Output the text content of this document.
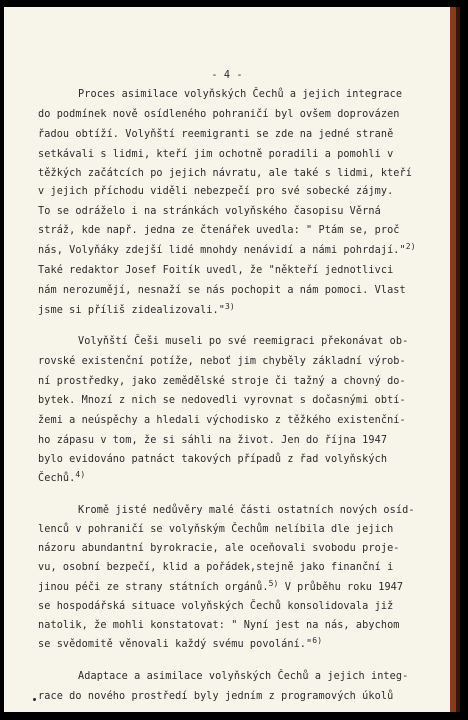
- 4 -
Proces asimilace volyňských Čechů a jejich integrace
do podmínek nově osídleného pohraničí byl ovšem doprovázen
řadou obtíží. Volyňští reemigranti se zde na jedné straně
setkávali s lidmi, kteří jim ochotně poradili a pomohli v
těžkých začátcích po jejich návratu, ale také s lidmi, kteří
v jejich příchodu viděli nebezpečí pro své sobecké zájmy.
To se odráželo i na stránkách volyňského časopisu Věrná
stráž, kde např. jedna ze čtenářek uvedla: " Ptám se, proč
nás, Volyňáky zdejší lidé mnohdy nenávidí a námi pohrdají."$^{2)}$
Také redaktor Josef Foitík uvedl, že "někteří jednotlivci
nám nerozumějí, nesnaží se nás pochopit a nám pomoci. Vlast
jsme si příliš zidealizovali."$^{3)}$
Volyňští Češi museli po své reemigraci překonávat ob-
rovské existenční potíže, neboť jim chyběly základní výrob-
ní prostředky, jako zemědělské stroje či tažný a chovný do-
bytek. Mnozí z nich se nedovedli vyrovnat s dočasnými obtí-
žemi a neúspěchy a hledali východisko z těžkého existenční-
ho zápasu v tom, že si sáhli na život. Jen do října 1947
bylo evidováno patnáct takových případů z řad volyňských
Čechů.$^{4)}$
Kromě jisté nedůvěry malé části ostatních nových osíd-
lenců v pohraničí se volyňským Čechům nelíbila dle jejich
názoru abundantní byrokracie, ale oceňovali svobodu proje-
vu, osobní bezpečí, klid a pořádek,stejně jako finanční i
jinou péči ze strany státních orgánů.$^{5)}$ V průběhu roku 1947
se hospodářská situace volyňských Čechů konsolidovala již
natolik, že mohli konstatovat: " Nyní jest na nás, abychom
se svědomitě věnovali každý svému povolání."$^{6)}$
Adaptace a asimilace volyňských Čechů a jejich integ-
race do nového prostředí byly jedním z programových úkolů
